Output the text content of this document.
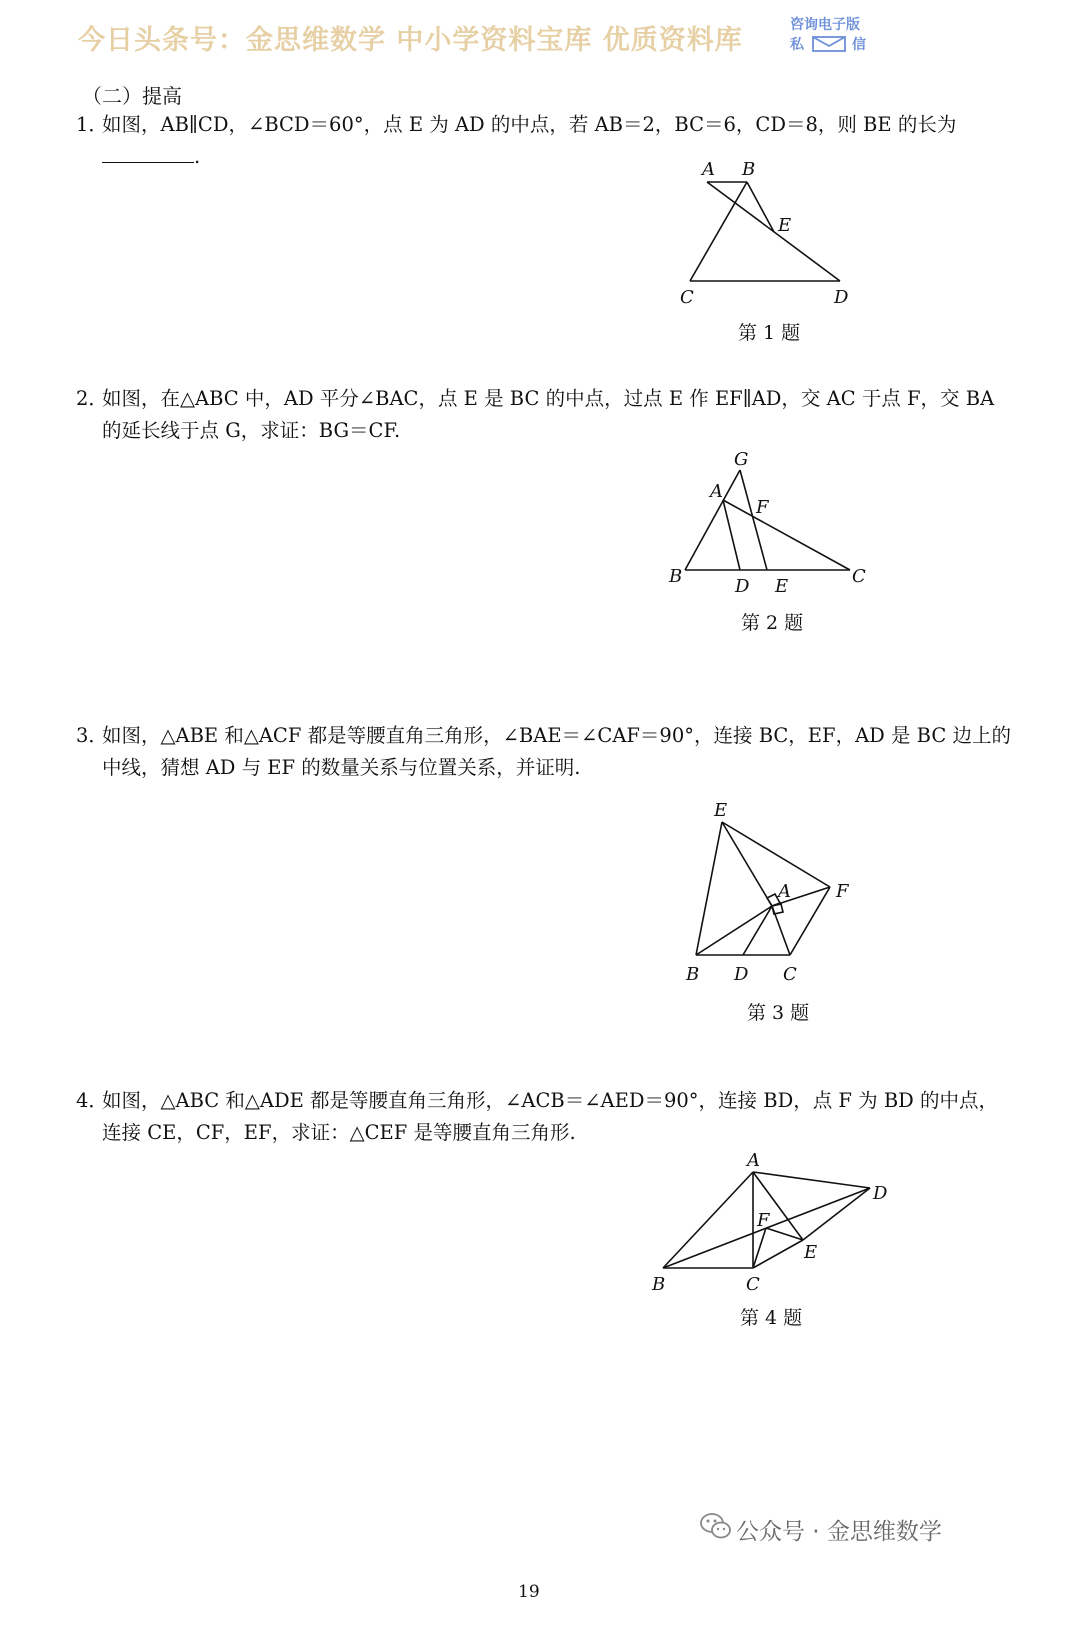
今日头条号：金思维数学 中小学资料宝库 优质资料库	咨询电子版
私	信
（二）提高
1．
如图，AB∥CD，∠BCD＝60°，点 E 为 AD 的中点，若 AB＝2，BC＝6，CD＝8，则 BE 的长为.
A B
E
C	D
第 1 题
2．
如图，在△ABC 中，AD 平分∠BAC，点 E 是 BC 的中点，过点 E 作 EF∥AD，交 AC 于点 F，交 BA 的延长线于点 G，求证：BG＝CF.
G
A
F
B	D E	C
第 2 题
3．
如图，△ABE 和△ACF 都是等腰直角三角形，∠BAE＝∠CAF＝90°，连接 BC，EF，AD 是 BC 边上的中线，猜想 AD 与 EF 的数量关系与位置关系，并证明.
E
A	F
B D C
第 3 题
4．
如图，△ABC 和△ADE 都是等腰直角三角形，∠ACB＝∠AED＝90°，连接 BD，点 F 为 BD 的中点，连接 CE，CF，EF，求证：△CEF 是等腰直角三角形.
A
D
F
E
B	C
第 4 题
公众号 · 金思维数学
19
